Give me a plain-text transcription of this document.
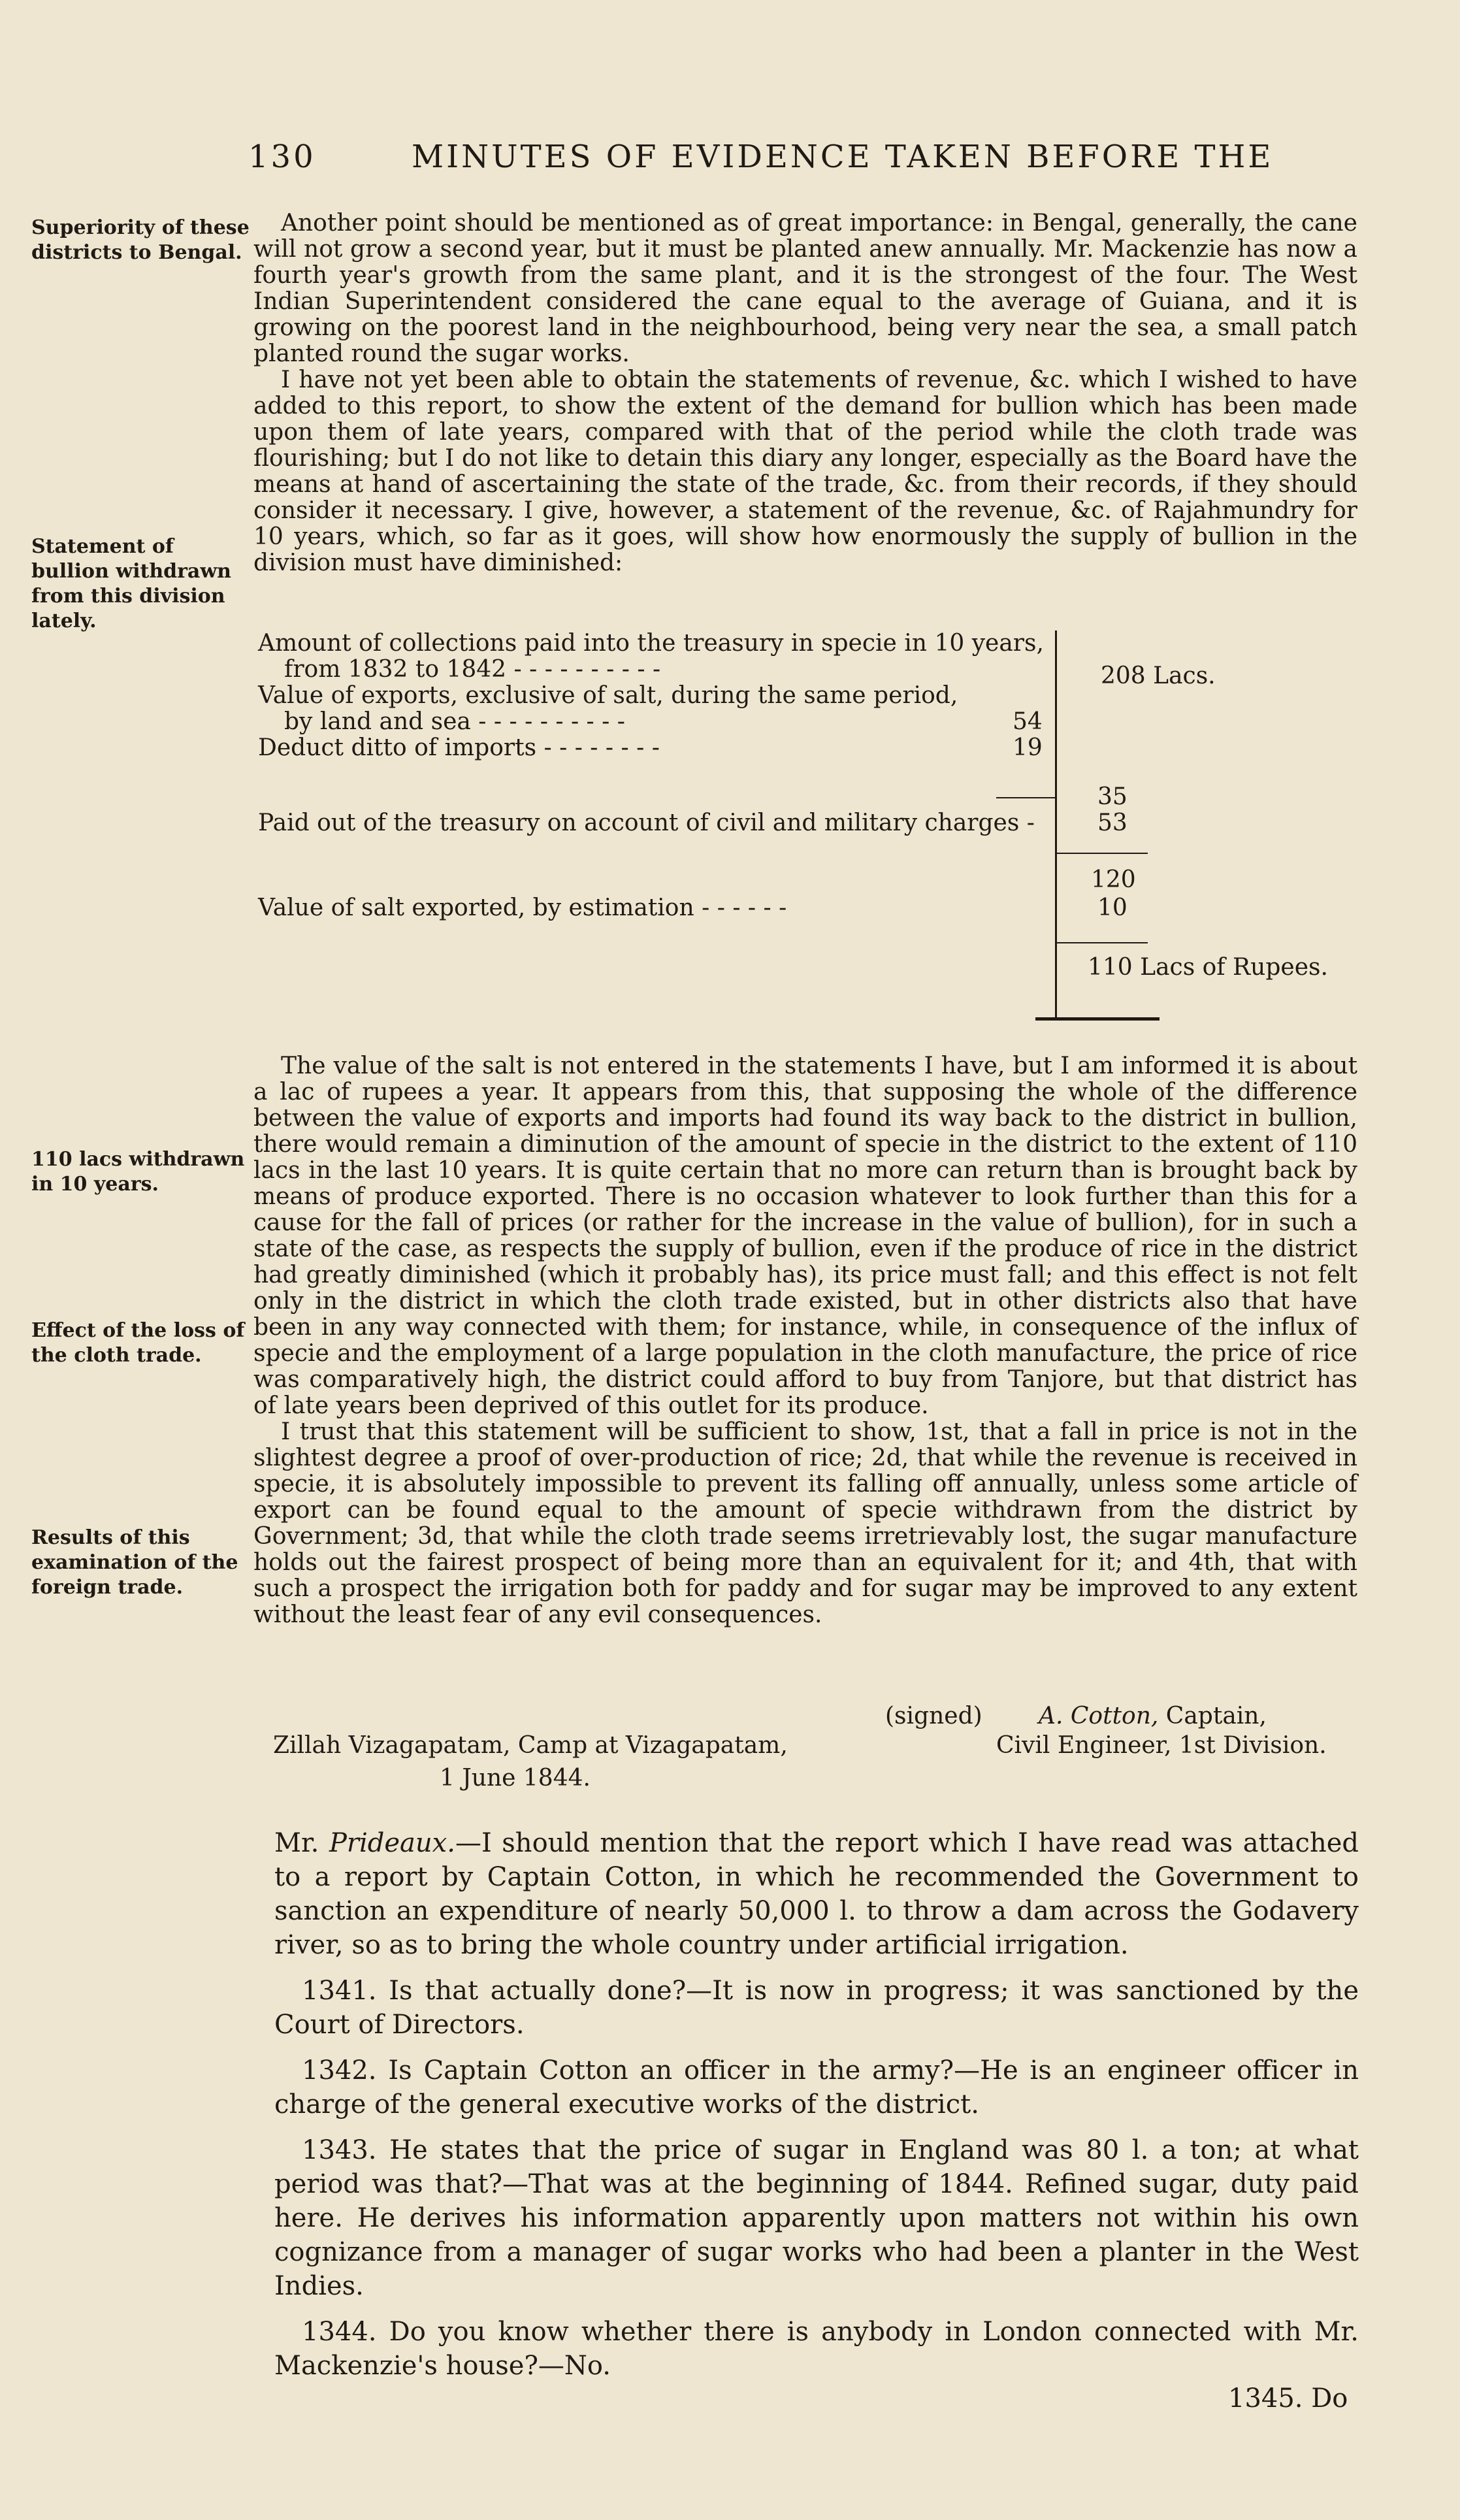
130	MINUTES OF EVIDENCE TAKEN BEFORE THE
Superiority of these districts to Bengal.
Statement of bullion withdrawn from this division lately.
110 lacs withdrawn in 10 years.
Effect of the loss of the cloth trade.
Results of this examination of the foreign trade.

Another point should be mentioned as of great importance: in Bengal, generally, the cane will not grow a second year, but it must be planted anew annually. Mr. Mackenzie has now a fourth year's growth from the same plant, and it is the strongest of the four. The West Indian Superintendent considered the cane equal to the average of Guiana, and it is growing on the poorest land in the neighbourhood, being very near the sea, a small patch planted round the sugar works.

I have not yet been able to obtain the statements of revenue, &c. which I wished to have added to this report, to show the extent of the demand for bullion which has been made upon them of late years, compared with that of the period while the cloth trade was flourishing; but I do not like to detain this diary any longer, especially as the Board have the means at hand of ascertaining the state of the trade, &c. from their records, if they should consider it necessary. I give, however, a statement of the revenue, &c. of Rajahmundry for 10 years, which, so far as it goes, will show how enormously the supply of bullion in the division must have diminished:

Amount of collections paid into the treasury in specie in 10 years,
from 1832 to 1842 - - - - - - - - - -	208 Lacs.
Value of exports, exclusive of salt, during the same period,
by land and sea - - - - - - - - - -	54
Deduct ditto of imports - - - - - - - -	19
35
Paid out of the treasury on account of civil and military charges -	53
120
Value of salt exported, by estimation - - - - - -	10
110 Lacs of Rupees.

The value of the salt is not entered in the statements I have, but I am informed it is about a lac of rupees a year. It appears from this, that supposing the whole of the difference between the value of exports and imports had found its way back to the district in bullion, there would remain a diminution of the amount of specie in the district to the extent of 110 lacs in the last 10 years. It is quite certain that no more can return than is brought back by means of produce exported. There is no occasion whatever to look further than this for a cause for the fall of prices (or rather for the increase in the value of bullion), for in such a state of the case, as respects the supply of bullion, even if the produce of rice in the district had greatly diminished (which it probably has), its price must fall; and this effect is not felt only in the district in which the cloth trade existed, but in other districts also that have been in any way connected with them; for instance, while, in consequence of the influx of specie and the employment of a large population in the cloth manufacture, the price of rice was comparatively high, the district could afford to buy from Tanjore, but that district has of late years been deprived of this outlet for its produce.

I trust that this statement will be sufficient to show, 1st, that a fall in price is not in the slightest degree a proof of over-production of rice; 2d, that while the revenue is received in specie, it is absolutely impossible to prevent its falling off annually, unless some article of export can be found equal to the amount of specie withdrawn from the district by Government; 3d, that while the cloth trade seems irretrievably lost, the sugar manufacture holds out the fairest prospect of being more than an equivalent for it; and 4th, that with such a prospect the irrigation both for paddy and for sugar may be improved to any extent without the least fear of any evil consequences.

(signed) A. Cotton, Captain,
Civil Engineer, 1st Division.
Zillah Vizagapatam, Camp at Vizagapatam,
1 June 1844.

Mr. Prideaux.—I should mention that the report which I have read was attached to a report by Captain Cotton, in which he recommended the Government to sanction an expenditure of nearly 50,000 l. to throw a dam across the Godavery river, so as to bring the whole country under artificial irrigation.

1341. Is that actually done?—It is now in progress; it was sanctioned by the Court of Directors.

1342. Is Captain Cotton an officer in the army?—He is an engineer officer in charge of the general executive works of the district.

1343. He states that the price of sugar in England was 80 l. a ton; at what period was that?—That was at the beginning of 1844. Refined sugar, duty paid here. He derives his information apparently upon matters not within his own cognizance from a manager of sugar works who had been a planter in the West Indies.

1344. Do you know whether there is anybody in London connected with Mr. Mackenzie's house?—No.

1345. Do
